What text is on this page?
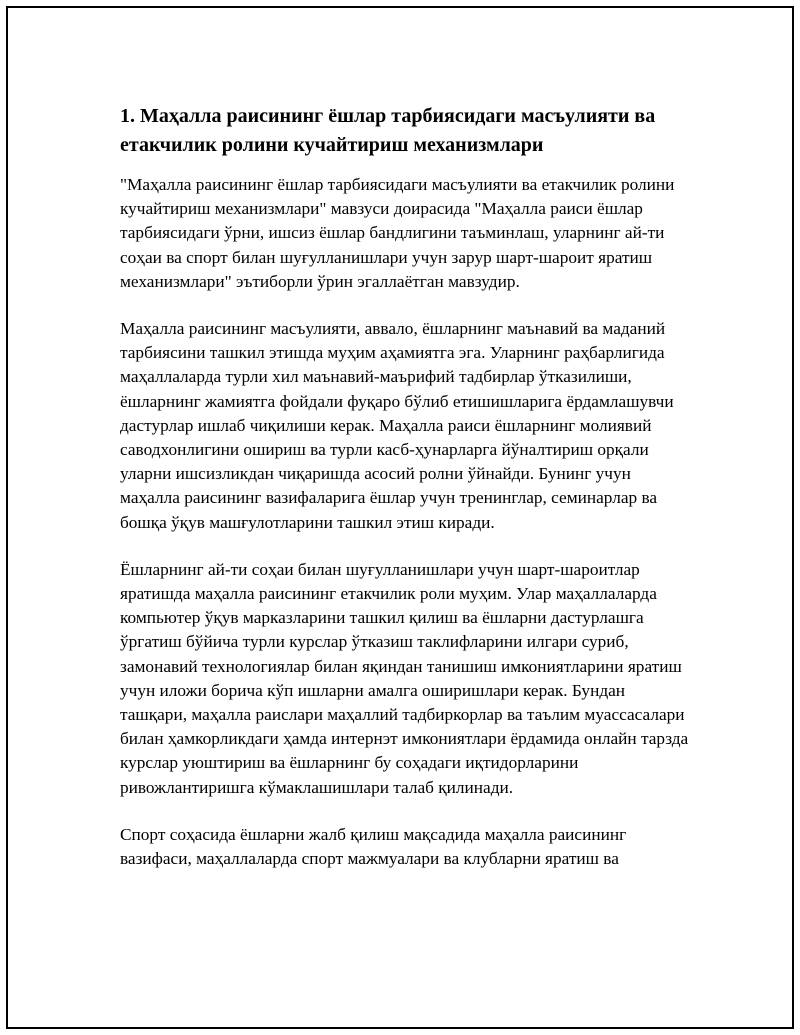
1. Маҳалла раисининг ёшлар тарбиясидаги масъулияти ва етакчилик ролини кучайтириш механизмлари

"Маҳалла раисининг ёшлар тарбиясидаги масъулияти ва етакчилик ролини кучайтириш механизмлари" мавзуси доирасида "Маҳалла раиси ёшлар тарбиясидаги ўрни, ишсиз ёшлар бандлигини таъминлаш, уларнинг ай-ти соҳаи ва спорт билан шуғулланишлари учун зарур шарт-шароит яратиш механизмлари" эътиборли ўрин эгаллаётган мавзудир.

Маҳалла раисининг масъулияти, аввало, ёшларнинг маънавий ва маданий тарбиясини ташкил этишда муҳим аҳамиятга эга. Уларнинг раҳбарлигида маҳаллаларда турли хил маънавий-маърифий тадбирлар ўтказилиши, ёшларнинг жамиятга фойдали фуқаро бўлиб етишишларига ёрдамлашувчи дастурлар ишлаб чиқилиши керак. Маҳалла раиси ёшларнинг молиявий саводхонлигини ошириш ва турли касб-ҳунарларга йўналтириш орқали уларни ишсизликдан чиқаришда асосий ролни ўйнайди. Бунинг учун маҳалла раисининг вазифаларига ёшлар учун тренинглар, семинарлар ва бошқа ўқув машғулотларини ташкил этиш киради.

Ёшларнинг ай-ти соҳаи билан шуғулланишлари учун шарт-шароитлар яратишда маҳалла раисининг етакчилик роли муҳим. Улар маҳаллаларда компьютер ўқув марказларини ташкил қилиш ва ёшларни дастурлашга ўргатиш бўйича турли курслар ўтказиш таклифларини илгари суриб, замонавий технологиялар билан яқиндан танишиш имкониятларини яратиш учун иложи борича кўп ишларни амалга оширишлари керак. Бундан ташқари, маҳалла раислари маҳаллий тадбиркорлар ва таълим муассасалари билан ҳамкорликдаги ҳамда интернэт имкониятлари ёрдамида онлайн тарзда курслар уюштириш ва ёшларнинг бу соҳадаги иқтидорларини ривожлантиришга кўмаклашишлари талаб қилинади.

Спорт соҳасида ёшларни жалб қилиш мақсадида маҳалла раисининг вазифаси, маҳаллаларда спорт мажмуалари ва клубларни яратиш ва
